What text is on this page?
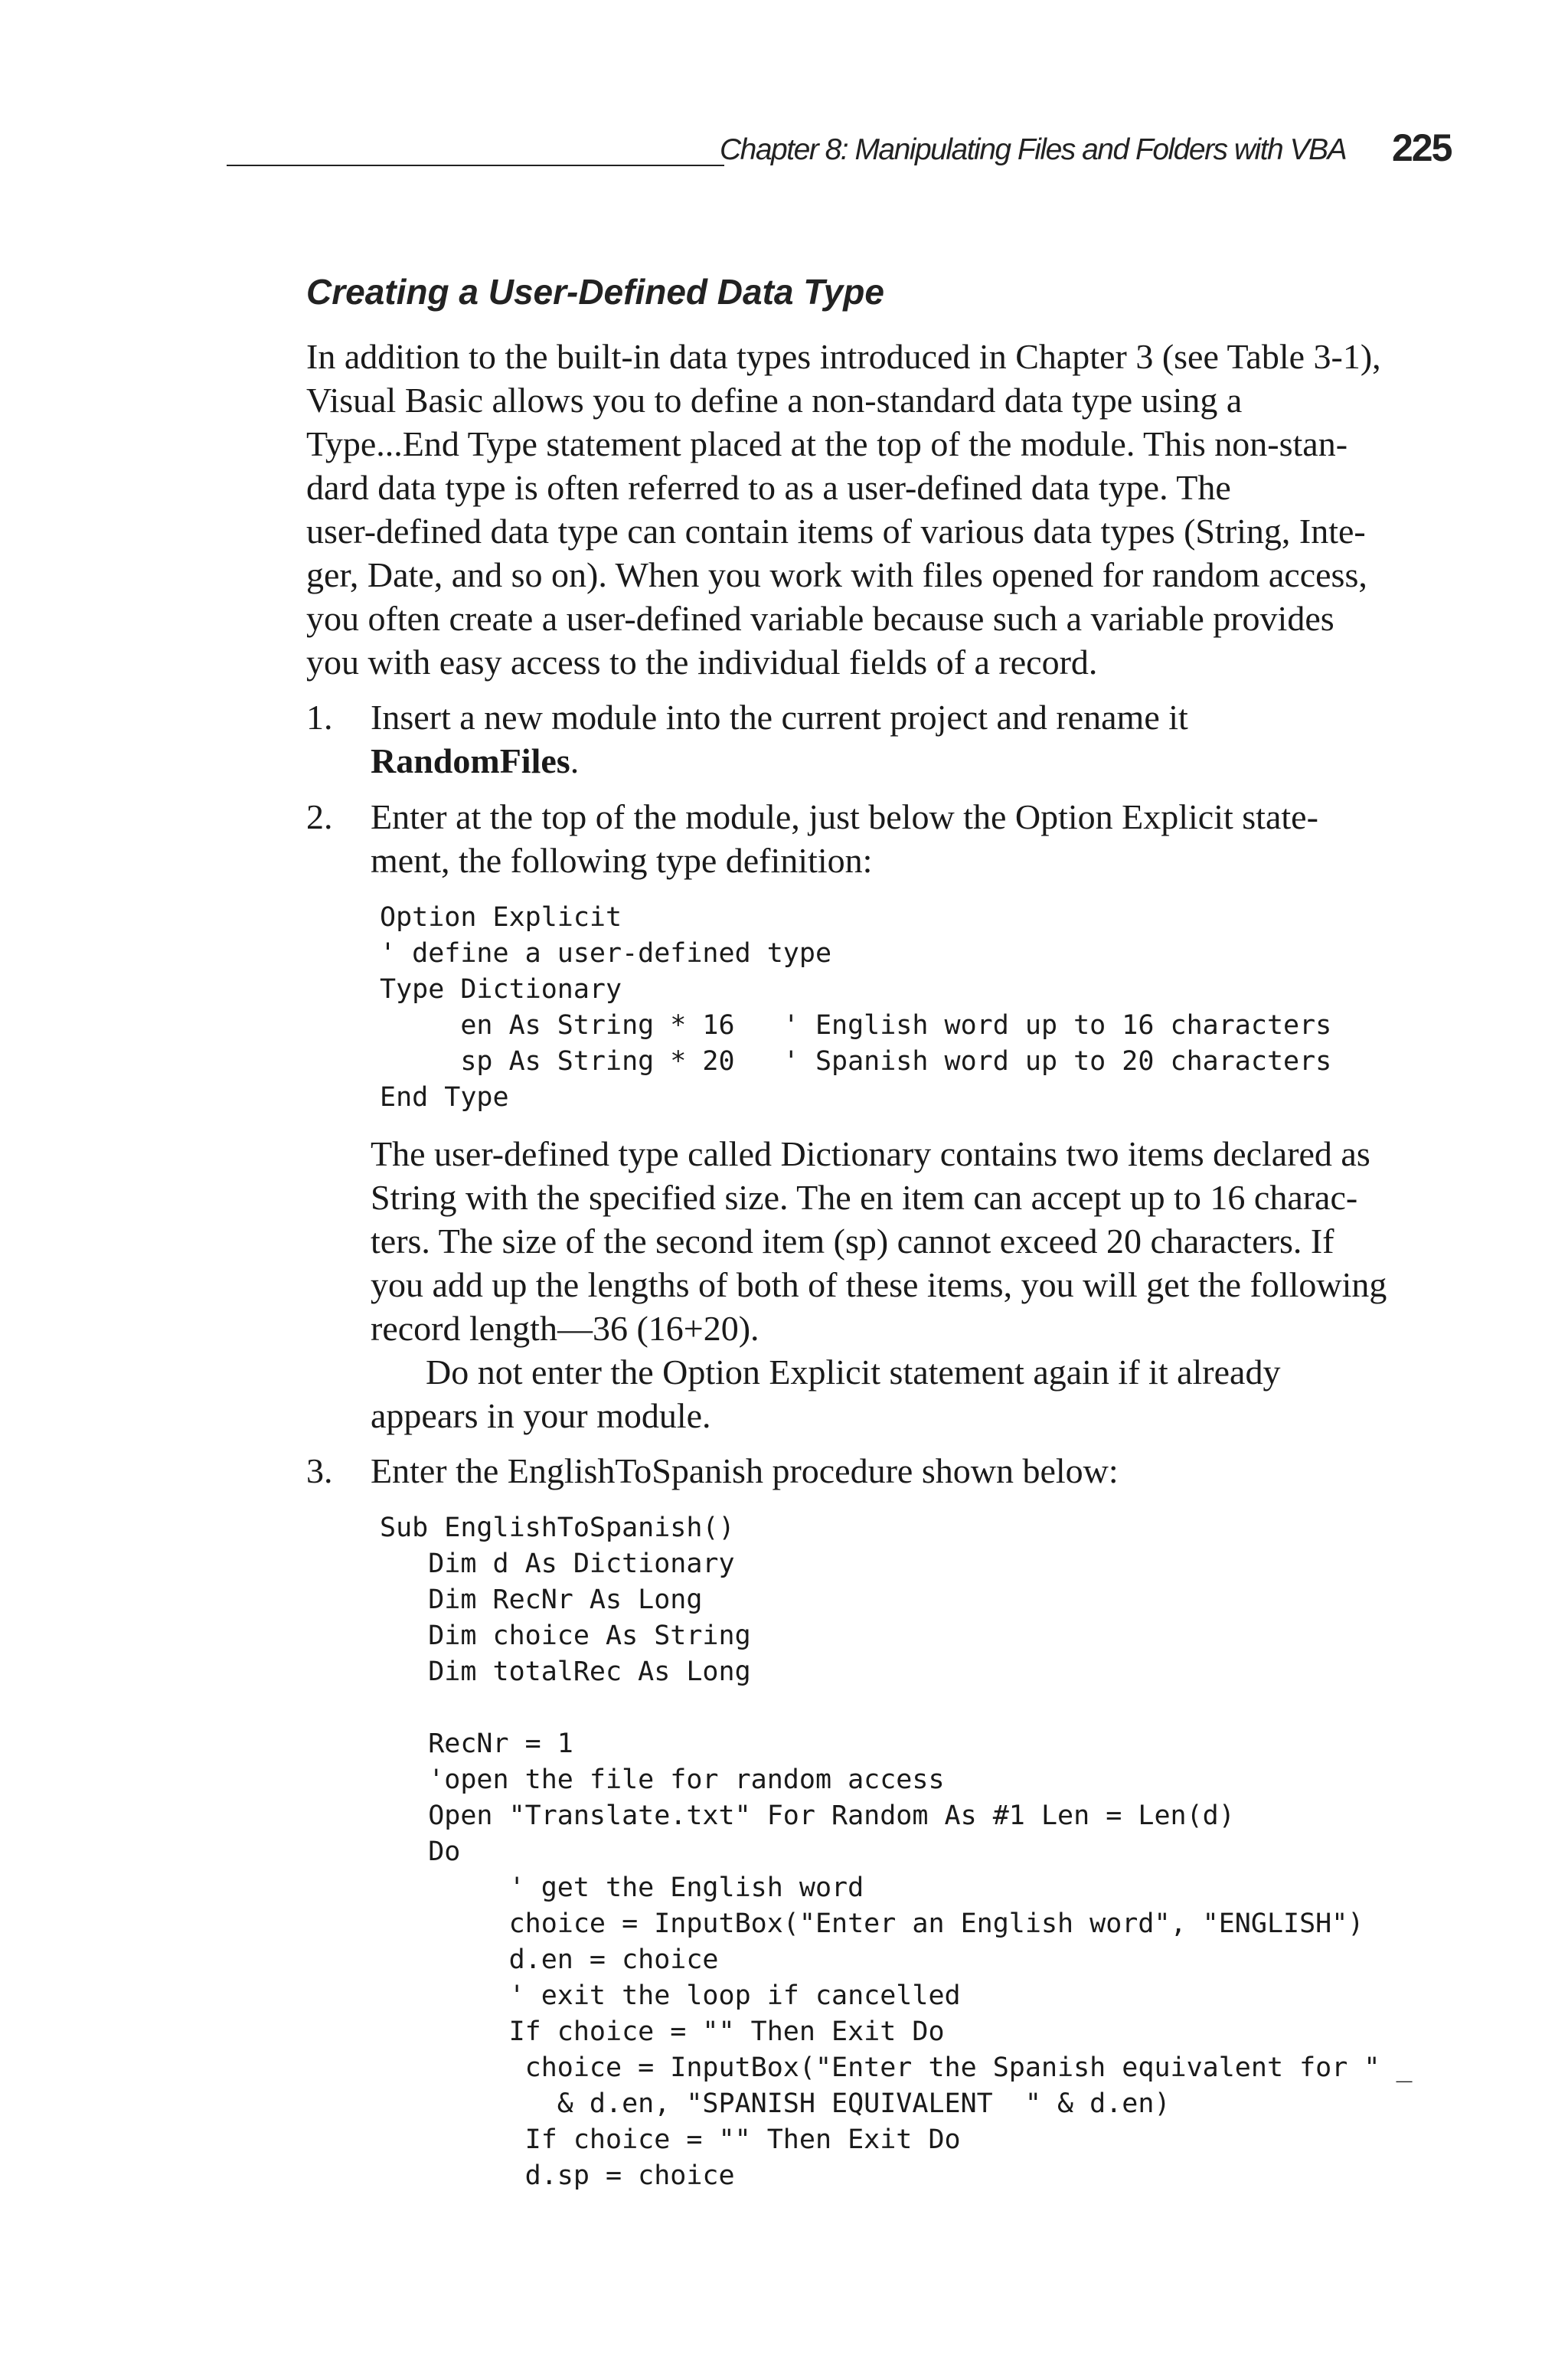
Chapter 8: Manipulating Files and Folders with VBA 225
Creating a User-Defined Data Type
In addition to the built-in data types introduced in Chapter 3 (see Table 3-1),
Visual Basic allows you to define a non-standard data type using a
Type...End Type statement placed at the top of the module. This non-stan-
dard data type is often referred to as a user-defined data type. The
user-defined data type can contain items of various data types (String, Inte-
ger, Date, and so on). When you work with files opened for random access,
you often create a user-defined variable because such a variable provides
you with easy access to the individual fields of a record.
1. Insert a new module into the current project and rename it
RandomFiles.
2. Enter at the top of the module, just below the Option Explicit state-
ment, the following type definition:
Option Explicit
' define a user-defined type
Type Dictionary
en As String * 16   ' English word up to 16 characters
sp As String * 20   ' Spanish word up to 20 characters
End Type
The user-defined type called Dictionary contains two items declared as
String with the specified size. The en item can accept up to 16 charac-
ters. The size of the second item (sp) cannot exceed 20 characters. If
you add up the lengths of both of these items, you will get the following
record length—36 (16+20).
Do not enter the Option Explicit statement again if it already
appears in your module.
3. Enter the EnglishToSpanish procedure shown below:
Sub EnglishToSpanish()
Dim d As Dictionary
Dim RecNr As Long
Dim choice As String
Dim totalRec As Long
RecNr = 1
'open the file for random access
Open "Translate.txt" For Random As #1 Len = Len(d)
Do
' get the English word
choice = InputBox("Enter an English word", "ENGLISH")
d.en = choice
' exit the loop if cancelled
If choice = "" Then Exit Do
choice = InputBox("Enter the Spanish equivalent for " _
& d.en, "SPANISH EQUIVALENT  " & d.en)
If choice = "" Then Exit Do
d.sp = choice
